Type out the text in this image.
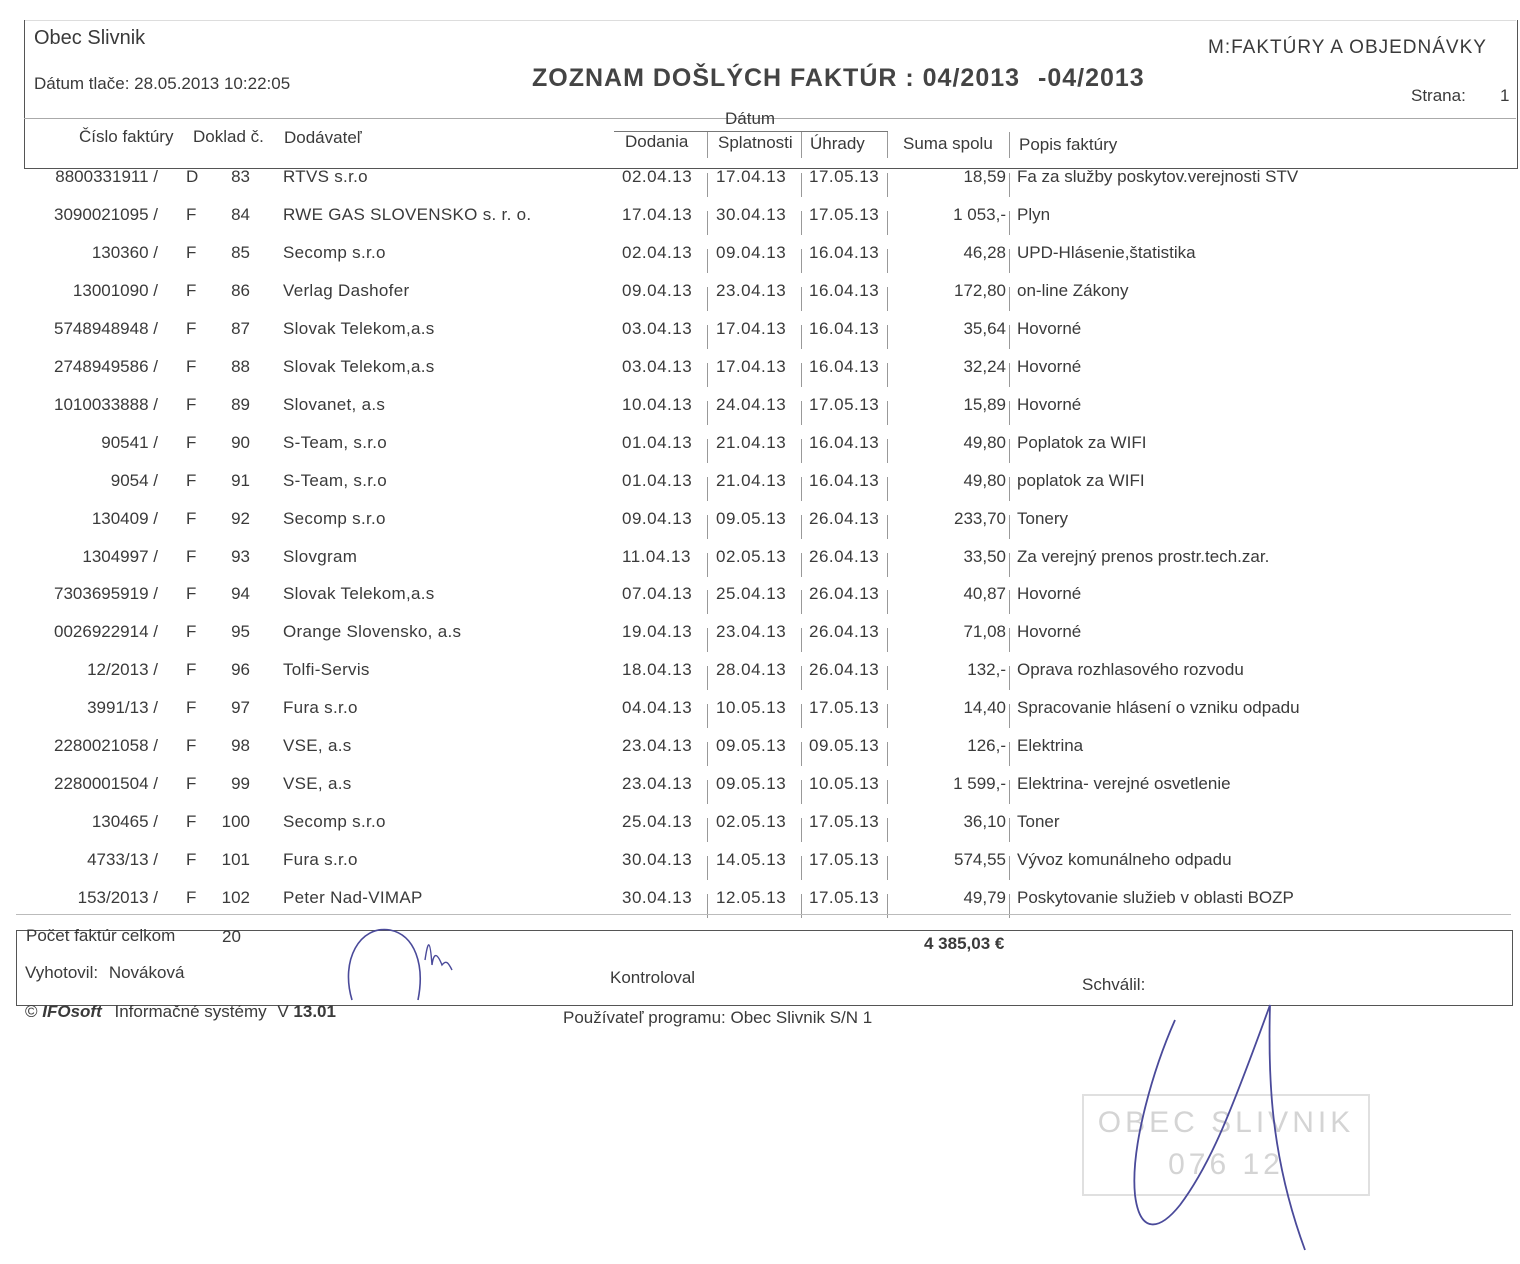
Obec Slivnik
Dátum tlače: 28.05.2013 10:22:05	ZOZNAM DOŠLÝCH FAKTÚR : 04/2013 -04/2013
M:FAKTÚRY A OBJEDNÁVKY
Strana: 1
Číslo faktúry Doklad č. Dodávateľ
Dátum
Dodania Splatnosti Úhrady Suma spolu Popis faktúry
8800331911 / D	83 RTVS s.r.o	02.04.13 17.04.13 17.05.13	18,59 Fa za služby poskytov.verejnosti STV
3090021095 / F	84 RWE GAS SLOVENSKO s. r. o.	17.04.13 30.04.13 17.05.13	1 053,- Plyn
130360 / F	85 Secomp s.r.o	02.04.13 09.04.13 16.04.13	46,28 UPD-Hlásenie,štatistika
13001090 / F	86 Verlag Dashofer	09.04.13 23.04.13 16.04.13	172,80 on-line Zákony
5748948948 / F	87 Slovak Telekom,a.s	03.04.13 17.04.13 16.04.13	35,64 Hovorné
2748949586 / F	88 Slovak Telekom,a.s	03.04.13 17.04.13 16.04.13	32,24 Hovorné
1010033888 / F	89 Slovanet, a.s	10.04.13 24.04.13 17.05.13	15,89 Hovorné
90541 / F	90 S-Team, s.r.o	01.04.13 21.04.13 16.04.13	49,80 Poplatok za WIFI
9054 / F	91 S-Team, s.r.o	01.04.13 21.04.13 16.04.13	49,80 poplatok za WIFI
130409 / F	92 Secomp s.r.o	09.04.13 09.05.13 26.04.13	233,70 Tonery
1304997 / F	93 Slovgram	11.04.13 02.05.13 26.04.13	33,50 Za verejný prenos prostr.tech.zar.
7303695919 / F	94 Slovak Telekom,a.s	07.04.13 25.04.13 26.04.13	40,87 Hovorné
0026922914 / F	95 Orange Slovensko, a.s	19.04.13 23.04.13 26.04.13	71,08 Hovorné
12/2013 / F	96 Tolfi-Servis	18.04.13 28.04.13 26.04.13	132,- Oprava rozhlasového rozvodu
3991/13 / F	97 Fura s.r.o	04.04.13 10.05.13 17.05.13	14,40 Spracovanie hlásení o vzniku odpadu
2280021058 / F	98 VSE, a.s	23.04.13 09.05.13 09.05.13	126,- Elektrina
2280001504 / F	99 VSE, a.s	23.04.13 09.05.13 10.05.13	1 599,- Elektrina- verejné osvetlenie
130465 / F 100 Secomp s.r.o	25.04.13 02.05.13 17.05.13	36,10 Toner
4733/13 / F 101 Fura s.r.o	30.04.13 14.05.13 17.05.13	574,55 Vývoz komunálneho odpadu
153/2013 / F 102 Peter Nad-VIMAP	30.04.13 12.05.13 17.05.13	49,79 Poskytovanie služieb v oblasti BOZP
Počet faktúr celkom	20	4 385,03 €
Vyhotovil: Nováková	Kontroloval	Schválil:
© IFOsoft Informačné systémy V 13.01	Používateľ programu: Obec Slivnik S/N 1
OBEC SLIVNIK
076 12
